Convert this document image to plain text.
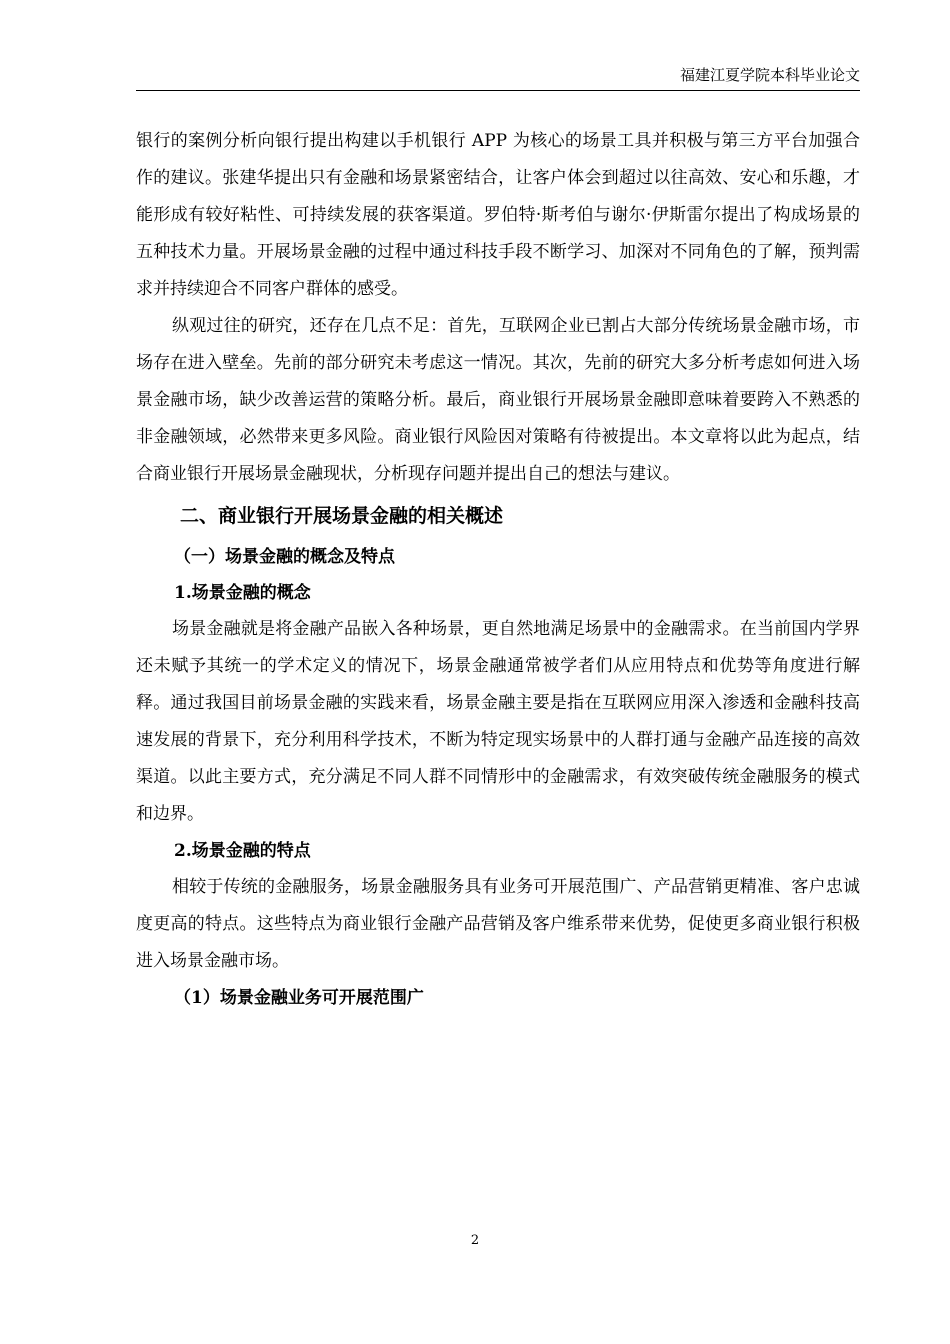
福建江夏学院本科毕业论文

银行的案例分析向银行提出构建以手机银行 APP 为核心的场景工具并积极与第三方平台加强合作的建议。张建华提出只有金融和场景紧密结合，让客户体会到超过以往高效、安心和乐趣，才能形成有较好粘性、可持续发展的获客渠道。罗伯特·斯考伯与谢尔·伊斯雷尔提出了构成场景的五种技术力量。开展场景金融的过程中通过科技手段不断学习、加深对不同角色的了解，预判需求并持续迎合不同客户群体的感受。

纵观过往的研究，还存在几点不足：首先，互联网企业已割占大部分传统场景金融市场，市场存在进入壁垒。先前的部分研究未考虑这一情况。其次，先前的研究大多分析考虑如何进入场景金融市场，缺少改善运营的策略分析。最后，商业银行开展场景金融即意味着要跨入不熟悉的非金融领域，必然带来更多风险。商业银行风险因对策略有待被提出。本文章将以此为起点，结合商业银行开展场景金融现状，分析现存问题并提出自己的想法与建议。

二、商业银行开展场景金融的相关概述
（一）场景金融的概念及特点
1.场景金融的概念

场景金融就是将金融产品嵌入各种场景，更自然地满足场景中的金融需求。在当前国内学界还未赋予其统一的学术定义的情况下，场景金融通常被学者们从应用特点和优势等角度进行解释。通过我国目前场景金融的实践来看，场景金融主要是指在互联网应用深入渗透和金融科技高速发展的背景下，充分利用科学技术，不断为特定现实场景中的人群打通与金融产品连接的高效渠道。以此主要方式，充分满足不同人群不同情形中的金融需求，有效突破传统金融服务的模式和边界。

2.场景金融的特点

相较于传统的金融服务，场景金融服务具有业务可开展范围广、产品营销更精准、客户忠诚度更高的特点。这些特点为商业银行金融产品营销及客户维系带来优势，促使更多商业银行积极进入场景金融市场。

（1）场景金融业务可开展范围广
2
